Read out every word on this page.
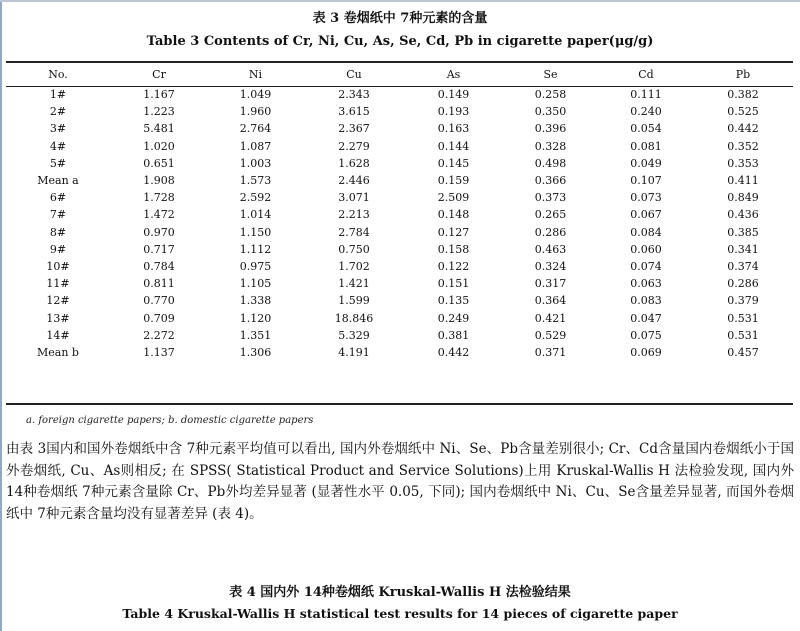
表 3 卷烟纸中 7种元素的含量
Table 3 Contents of Cr, Ni, Cu, As, Se, Cd, Pb in cigarette paper(μg/g)
No.	Cr	Ni	Cu	As	Se	Cd	Pb
1#	1.167	1.049	2.343	0.149	0.258	0.111	0.382
2#	1.223	1.960	3.615	0.193	0.350	0.240	0.525
3#	5.481	2.764	2.367	0.163	0.396	0.054	0.442
4#	1.020	1.087	2.279	0.144	0.328	0.081	0.352
5#	0.651	1.003	1.628	0.145	0.498	0.049	0.353
Mean a	1.908	1.573	2.446	0.159	0.366	0.107	0.411
6#	1.728	2.592	3.071	2.509	0.373	0.073	0.849
7#	1.472	1.014	2.213	0.148	0.265	0.067	0.436
8#	0.970	1.150	2.784	0.127	0.286	0.084	0.385
9#	0.717	1.112	0.750	0.158	0.463	0.060	0.341
10#	0.784	0.975	1.702	0.122	0.324	0.074	0.374
11#	0.811	1.105	1.421	0.151	0.317	0.063	0.286
12#	0.770	1.338	1.599	0.135	0.364	0.083	0.379
13#	0.709	1.120	18.846	0.249	0.421	0.047	0.531
14#	2.272	1.351	5.329	0.381	0.529	0.075	0.531
Mean b	1.137	1.306	4.191	0.442	0.371	0.069	0.457
a. foreign cigarette papers; b. domestic cigarette papers

由表 3国内和国外卷烟纸中含 7种元素平均值可以看出, 国内外卷烟纸中 Ni、Se、Pb含量差别很小; Cr、Cd含量国内卷烟纸小于国外卷烟纸, Cu、As则相反; 在 SPSS( Statistical Product and Service Solutions)上用 Kruskal-Wallis H 法检验发现, 国内外 14种卷烟纸 7种元素含量除 Cr、Pb外均差异显著 (显著性水平 0.05, 下同); 国内卷烟纸中 Ni、Cu、Se含量差异显著, 而国外卷烟纸中 7种元素含量均没有显著差异 (表 4)。

表 4 国内外 14种卷烟纸 Kruskal-Wallis H 法检验结果
Table 4 Kruskal-Wallis H statistical test results for 14 pieces of cigarette paper
